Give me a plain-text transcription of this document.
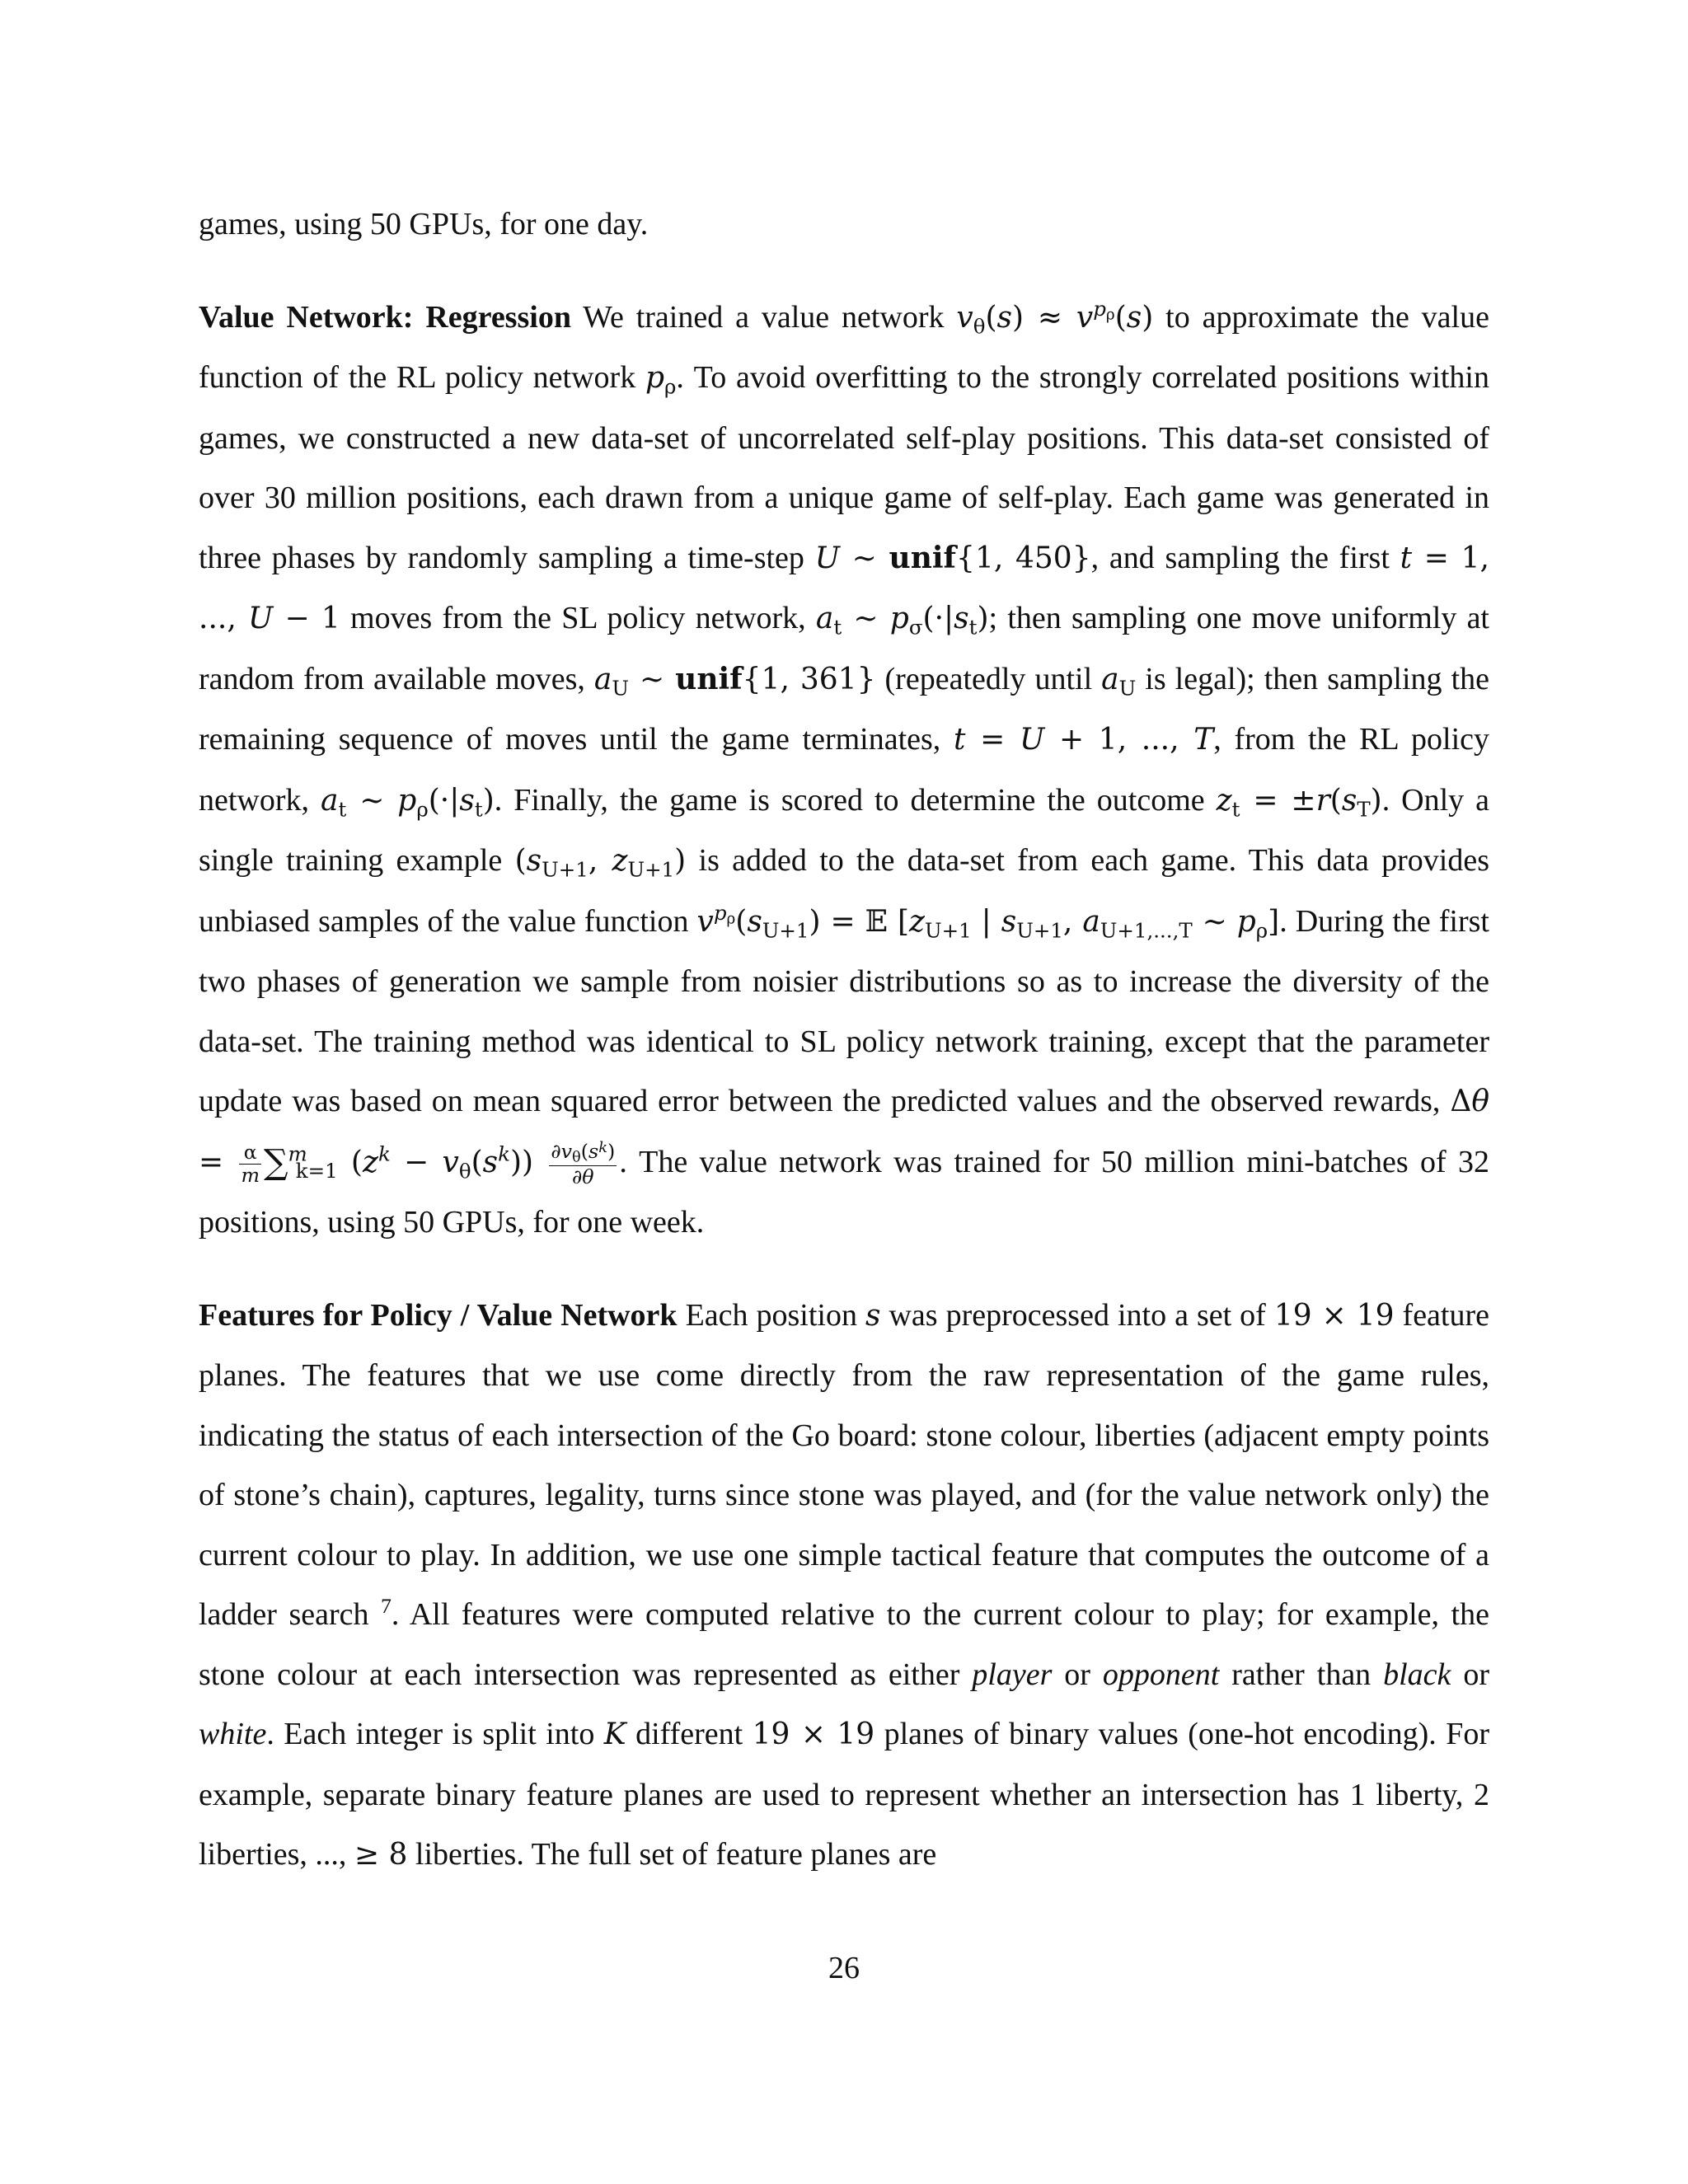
games, using 50 GPUs, for one day.

Value Network: Regression We trained a value network $v_\theta(s) \approx v^{p\rho}(s)$ to approximate the value function of the RL policy network $p_\rho$. To avoid overfitting to the strongly correlated positions within games, we constructed a new data-set of uncorrelated self-play positions. This data-set consisted of over 30 million positions, each drawn from a unique game of self-play. Each game was generated in three phases by randomly sampling a time-step U ∼ unif{1, 450}, and sampling the first t = 1, ..., U − 1 moves from the SL policy network, $a_t$ ∼ $p_\sigma(\cdot|s_t)$; then sampling one move uniformly at random from available moves, $a_U$ ∼ unif{1, 361} (repeatedly until $a_U$ is legal); then sampling the remaining sequence of moves until the game terminates, t = U + 1, ..., T, from the RL policy network, $a_t$ ∼ $p_\rho(\cdot|s_t)$. Finally, the game is scored to determine the outcome $z_t = \pm r(s_T)$. Only a single training example ($s_{U+1}$, $z_{U+1}$) is added to the data-set from each game. This data provides unbiased samples of the value function $v^{p\rho}(s_{U+1})$ = 𝔼 [$z_{U+1}$ | $s_{U+1}$, $a_{U+1,...,T}$ ∼ $p_\rho$]. During the first two phases of generation we sample from noisier distributions so as to increase the diversity of the data-set. The training method was identical to SL policy network training, except that the parameter update was based on mean squared error between the predicted values and the observed rewards, $\Delta\theta = \frac{\alpha}{m} \sum^m_{k=1}$ $(z^k - v_\theta(s^k)) \frac{\partial v\theta(s^k)}{\partial\theta}$ . The value network was trained for 50 million mini-batches of 32 positions, using 50 GPUs, for one week.

Features for Policy / Value Network Each position s was preprocessed into a set of 19 × 19 feature planes. The features that we use come directly from the raw representation of the game rules, indicating the status of each intersection of the Go board: stone colour, liberties (adjacent empty points of stone’s chain), captures, legality, turns since stone was played, and (for the value network only) the current colour to play. In addition, we use one simple tactical feature that computes the outcome of a ladder search $^7$. All features were computed relative to the current colour to play; for example, the stone colour at each intersection was represented as either player or opponent rather than black or white. Each integer is split into K different 19 × 19 planes of binary values (one-hot encoding). For example, separate binary feature planes are used to represent whether an intersection has 1 liberty, 2 liberties, ..., ≥ 8 liberties. The full set of feature planes are

26
